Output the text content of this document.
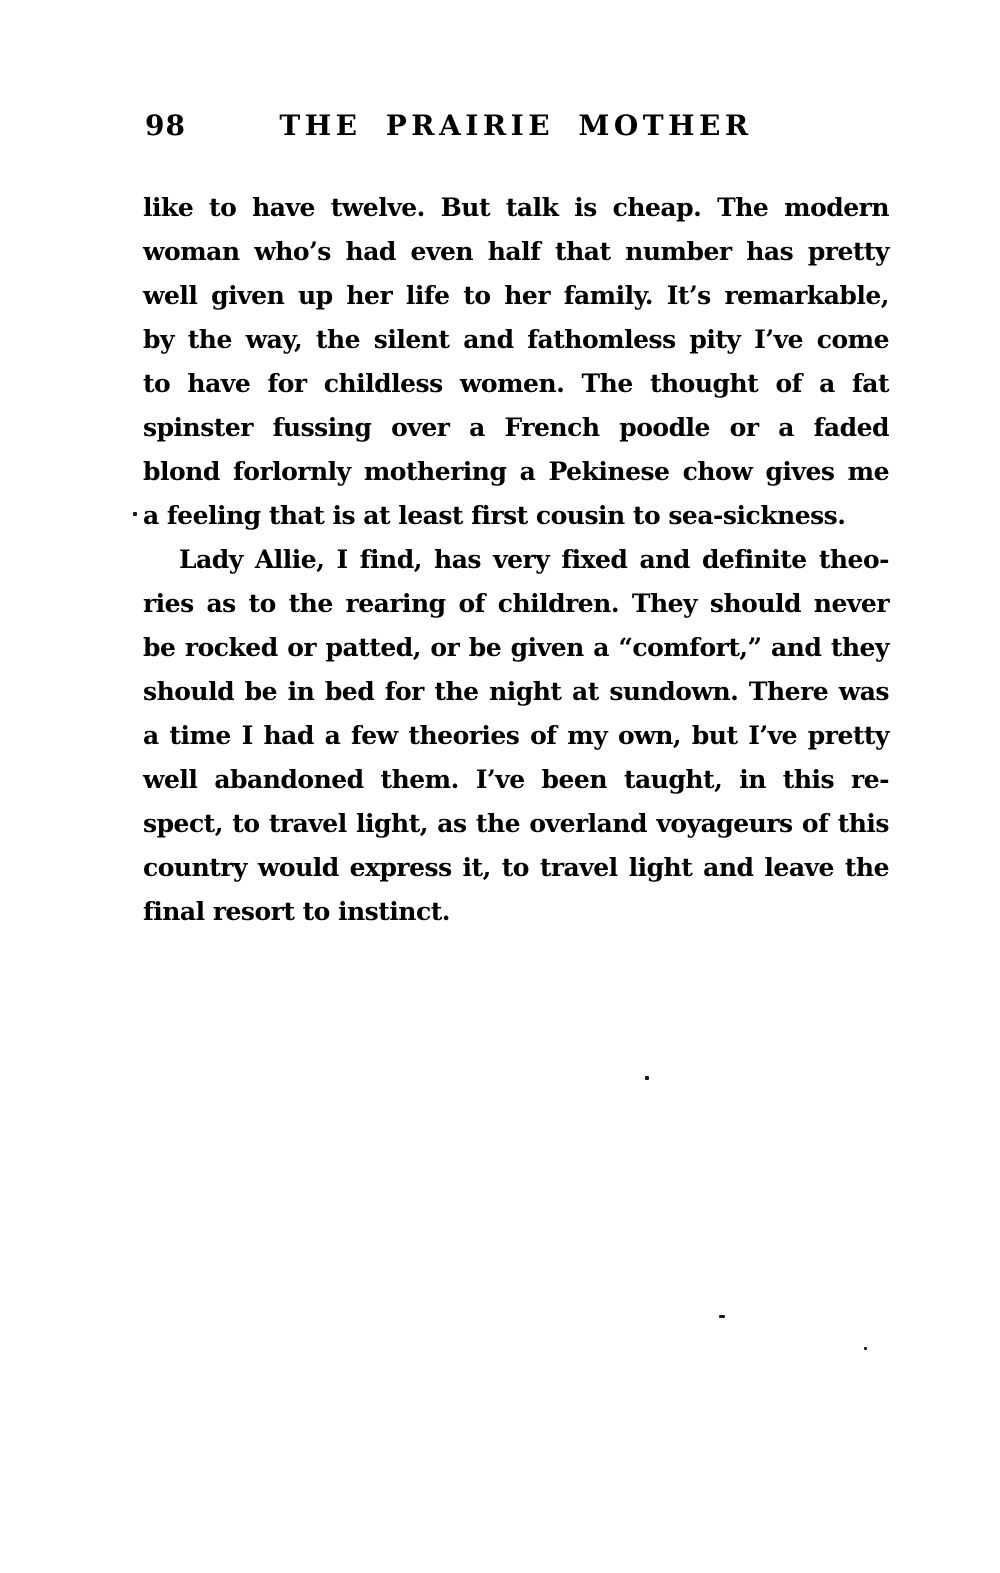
98	THE PRAIRIE MOTHER
like to have twelve. But talk is cheap. The modern
woman who’s had even half that number has pretty
well given up her life to her family. It’s remarkable,
by the way, the silent and fathomless pity I’ve come
to have for childless women. The thought of a fat
spinster fussing over a French poodle or a faded
blond forlornly mothering a Pekinese chow gives me
a feeling that is at least first cousin to sea-sickness.
Lady Allie, I find, has very fixed and definite theo-
ries as to the rearing of children. They should never
be rocked or patted, or be given a “comfort,” and they
should be in bed for the night at sundown. There was
a time I had a few theories of my own, but I’ve pretty
well abandoned them. I’ve been taught, in this re-
spect, to travel light, as the overland voyageurs of this
country would express it, to travel light and leave the
final resort to instinct.
